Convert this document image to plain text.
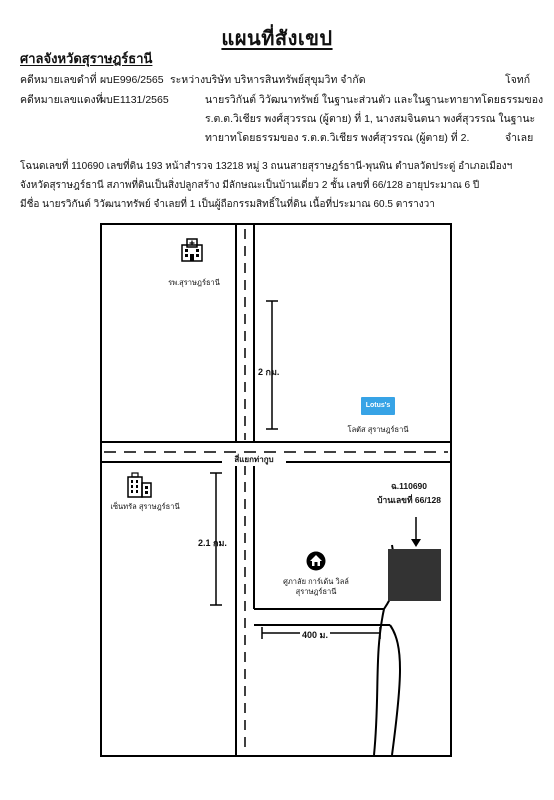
แผนที่สังเขป
ศาลจังหวัดสุราษฎร์ธานี
คดีหมายเลขดำที่ ผบE996/2565 ระหว่าง บริษัท บริหารสินทรัพย์สุขุมวิท จำกัด	โจทก์
คดีหมายเลขแดงที่
ผบE1131/2565	นายรวิกันต์ วิวัฒนาทรัพย์ ในฐานะส่วนตัว และในฐานะทายาทโดยธรรมของ
ร.ต.ต.วิเชียร พงศ์สุวรรณ (ผู้ตาย) ที่ 1, นางสมจินตนา พงศ์สุวรรณ ในฐานะ
ทายาทโดยธรรมของ ร.ต.ต.วิเชียร พงศ์สุวรรณ (ผู้ตาย) ที่ 2.	จำเลย
โฉนดเลขที่ 110690 เลขที่ดิน 193 หน้าสำรวจ 13218 หมู่ 3 ถนนสายสุราษฎร์ธานี-พุนพิน ตำบลวัดประดู่ อำเภอเมืองฯ
จังหวัดสุราษฎร์ธานี สภาพที่ดินเป็นสิ่งปลูกสร้าง มีลักษณะเป็นบ้านเดี่ยว 2 ชั้น เลขที่ 66/128 อายุประมาณ 6 ปี
มีชื่อ นายรวิกันต์ วิวัฒนาทรัพย์ จำเลยที่ 1 เป็นผู้ถือกรรมสิทธิ์ในที่ดิน เนื้อที่ประมาณ 60.5 ตารางวา
รพ.สุราษฎร์ธานี
2 กม.
Lotus's
โลตัส สุราษฎร์ธานี
สี่แยกท่ากูบ
เซ็นทรัล สุราษฎร์ธานี
2.1 กม.
ฉ.110690
บ้านเลขที่ 66/128
ศูภาลัย การ์เด้น วิลล์
สุราษฎร์ธานี
400 ม.
